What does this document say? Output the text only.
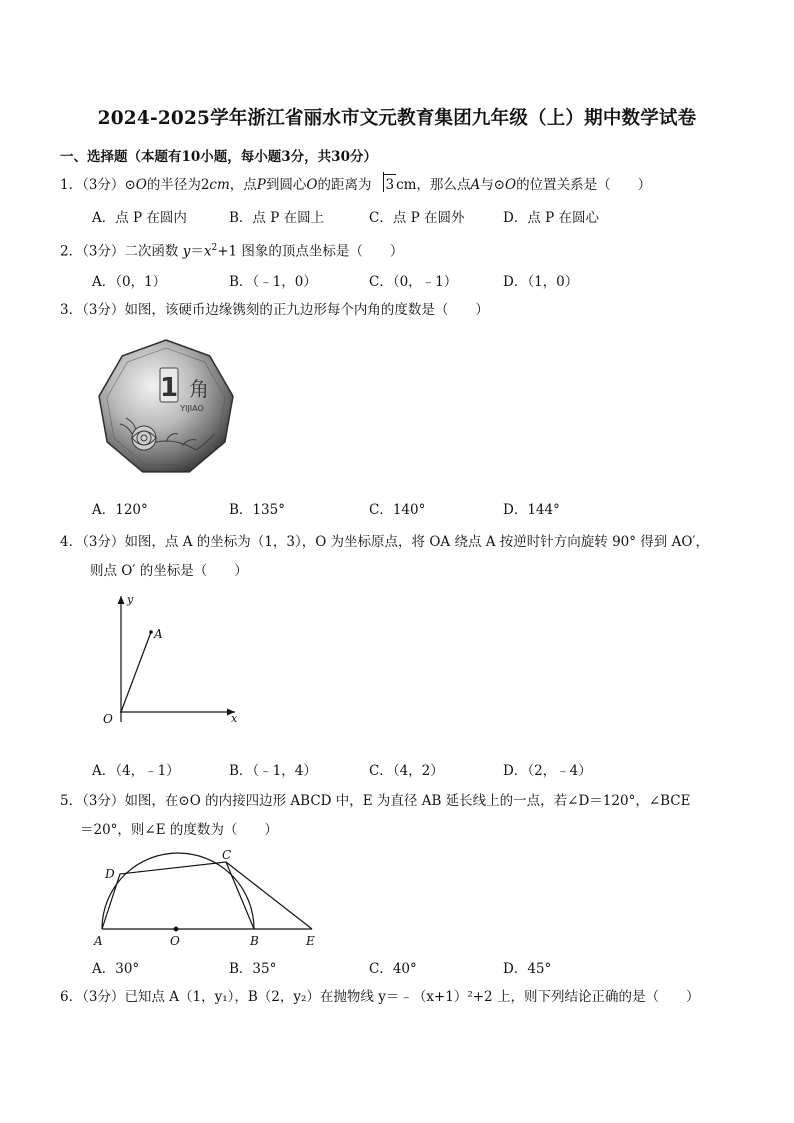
2024-2025学年浙江省丽水市文元教育集团九年级（上）期中数学试卷
一、选择题（本题有10小题，每小题3分，共30分）
1．（3分）⊙O的半径为2cm，点P到圆心O的距离为 3 cm，那么点A与⊙O的位置关系是（　　）
A．点 P 在圆内	B．点 P 在圆上	C．点 P 在圆外	D．点 P 在圆心
2．（3分）二次函数 $y=x^2+1$ 图象的顶点坐标是（　　）
A．（0，1）	B．（﹣1，0）	C．（0，﹣1）	D．（1，0）
3．（3分）如图，该硬币边缘镌刻的正九边形每个内角的度数是（　　）
1 角
YIJIAO
A．120°	B．135°	C．140°	D．144°
4．（3分）如图，点 A 的坐标为（1，3），O 为坐标原点，将 OA 绕点 A 按逆时针方向旋转 90° 得到 AO′，
则点 O′ 的坐标是（　　）
y
x
O
A
A．（4，﹣1）	B．（﹣1，4）	C．（4，2）	D．（2，﹣4）
5．（3分）如图，在⊙O 的内接四边形 ABCD 中，E 为直径 AB 延长线上的一点，若∠D＝120°，∠BCE
＝20°，则∠E 的度数为（　　）
A	B
C
D
E
O
A．30°	B．35°	C．40°	D．45°
6．（3分）已知点 A（1，y₁），B（2，y₂）在抛物线 y＝﹣（x+1）²+2 上，则下列结论正确的是（　　）
